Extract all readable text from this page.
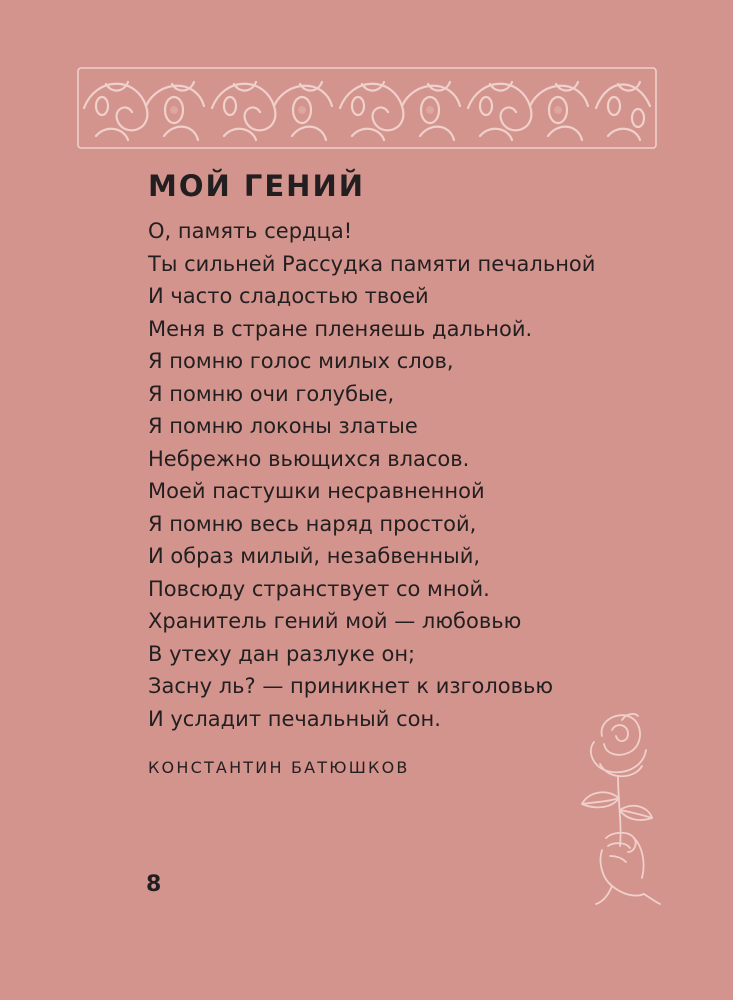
МОЙ ГЕНИЙ
О, память сердца!
Ты сильней Рассудка памяти печальной
И часто сладостью твоей
Меня в стране пленяешь дальной.
Я помню голос милых слов,
Я помню очи голубые,
Я помню локоны златые
Небрежно вьющихся власов.
Моей пастушки несравненной
Я помню весь наряд простой,
И образ милый, незабвенный,
Повсюду странствует со мной.
Хранитель гений мой — любовью
В утеху дан разлуке он;
Засну ль? — приникнет к изголовью
И усладит печальный сон.
КОНСТАНТИН БАТЮШКОВ
8
